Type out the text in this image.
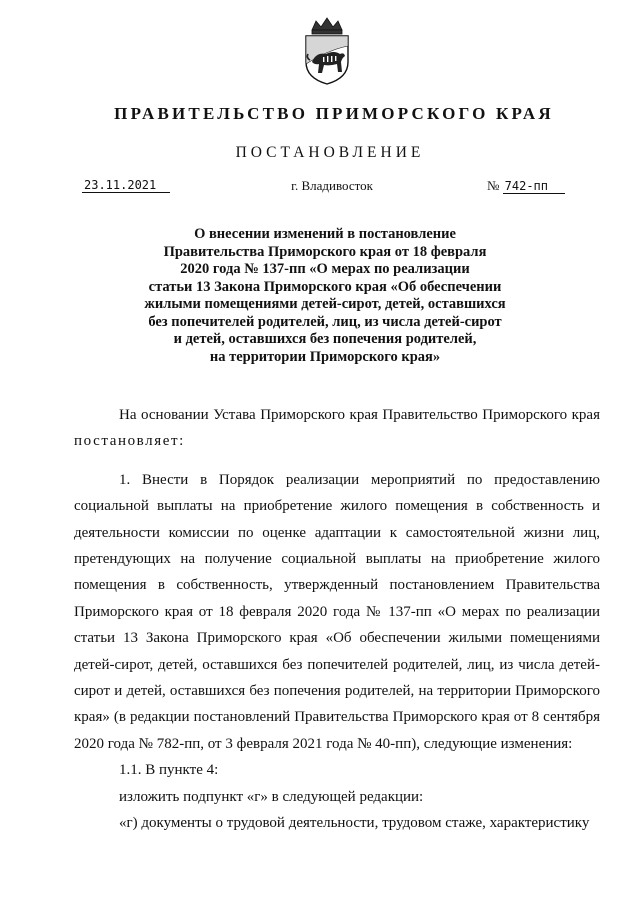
ПРАВИТЕЛЬСТВО ПРИМОРСКОГО КРАЯ
ПОСТАНОВЛЕНИЕ
23.11.2021	г. Владивосток	№ 742-пп
О внесении изменений в постановление
Правительства Приморского края от 18 февраля
2020 года № 137-пп «О мерах по реализации
статьи 13 Закона Приморского края «Об обеспечении
жилыми помещениями детей-сирот, детей, оставшихся
без попечителей родителей, лиц, из числа детей-сирот
и детей, оставшихся без попечения родителей,
на территории Приморского края»

На основании Устава Приморского края Правительство Приморского края постановляет:

1. Внести в Порядок реализации мероприятий по предоставлению социальной выплаты на приобретение жилого помещения в собственность и деятельности комиссии по оценке адаптации к самостоятельной жизни лиц, претендующих на получение социальной выплаты на приобретение жилого помещения в собственность, утвержденный постановлением Правительства Приморского края от 18 февраля 2020 года № 137-пп «О мерах по реализации статьи 13 Закона Приморского края «Об обеспечении жилыми помещениями детей-сирот, детей, оставшихся без попечителей родителей, лиц, из числа детей-сирот и детей, оставшихся без попечения родителей, на территории Приморского края» (в редакции постановлений Правительства Приморского края от 8 сентября 2020 года № 782-пп, от 3 февраля 2021 года № 40-пп), следующие изменения:

1.1. В пункте 4:

изложить подпункт «г» в следующей редакции:

«г) документы о трудовой деятельности, трудовом стаже, характеристику
